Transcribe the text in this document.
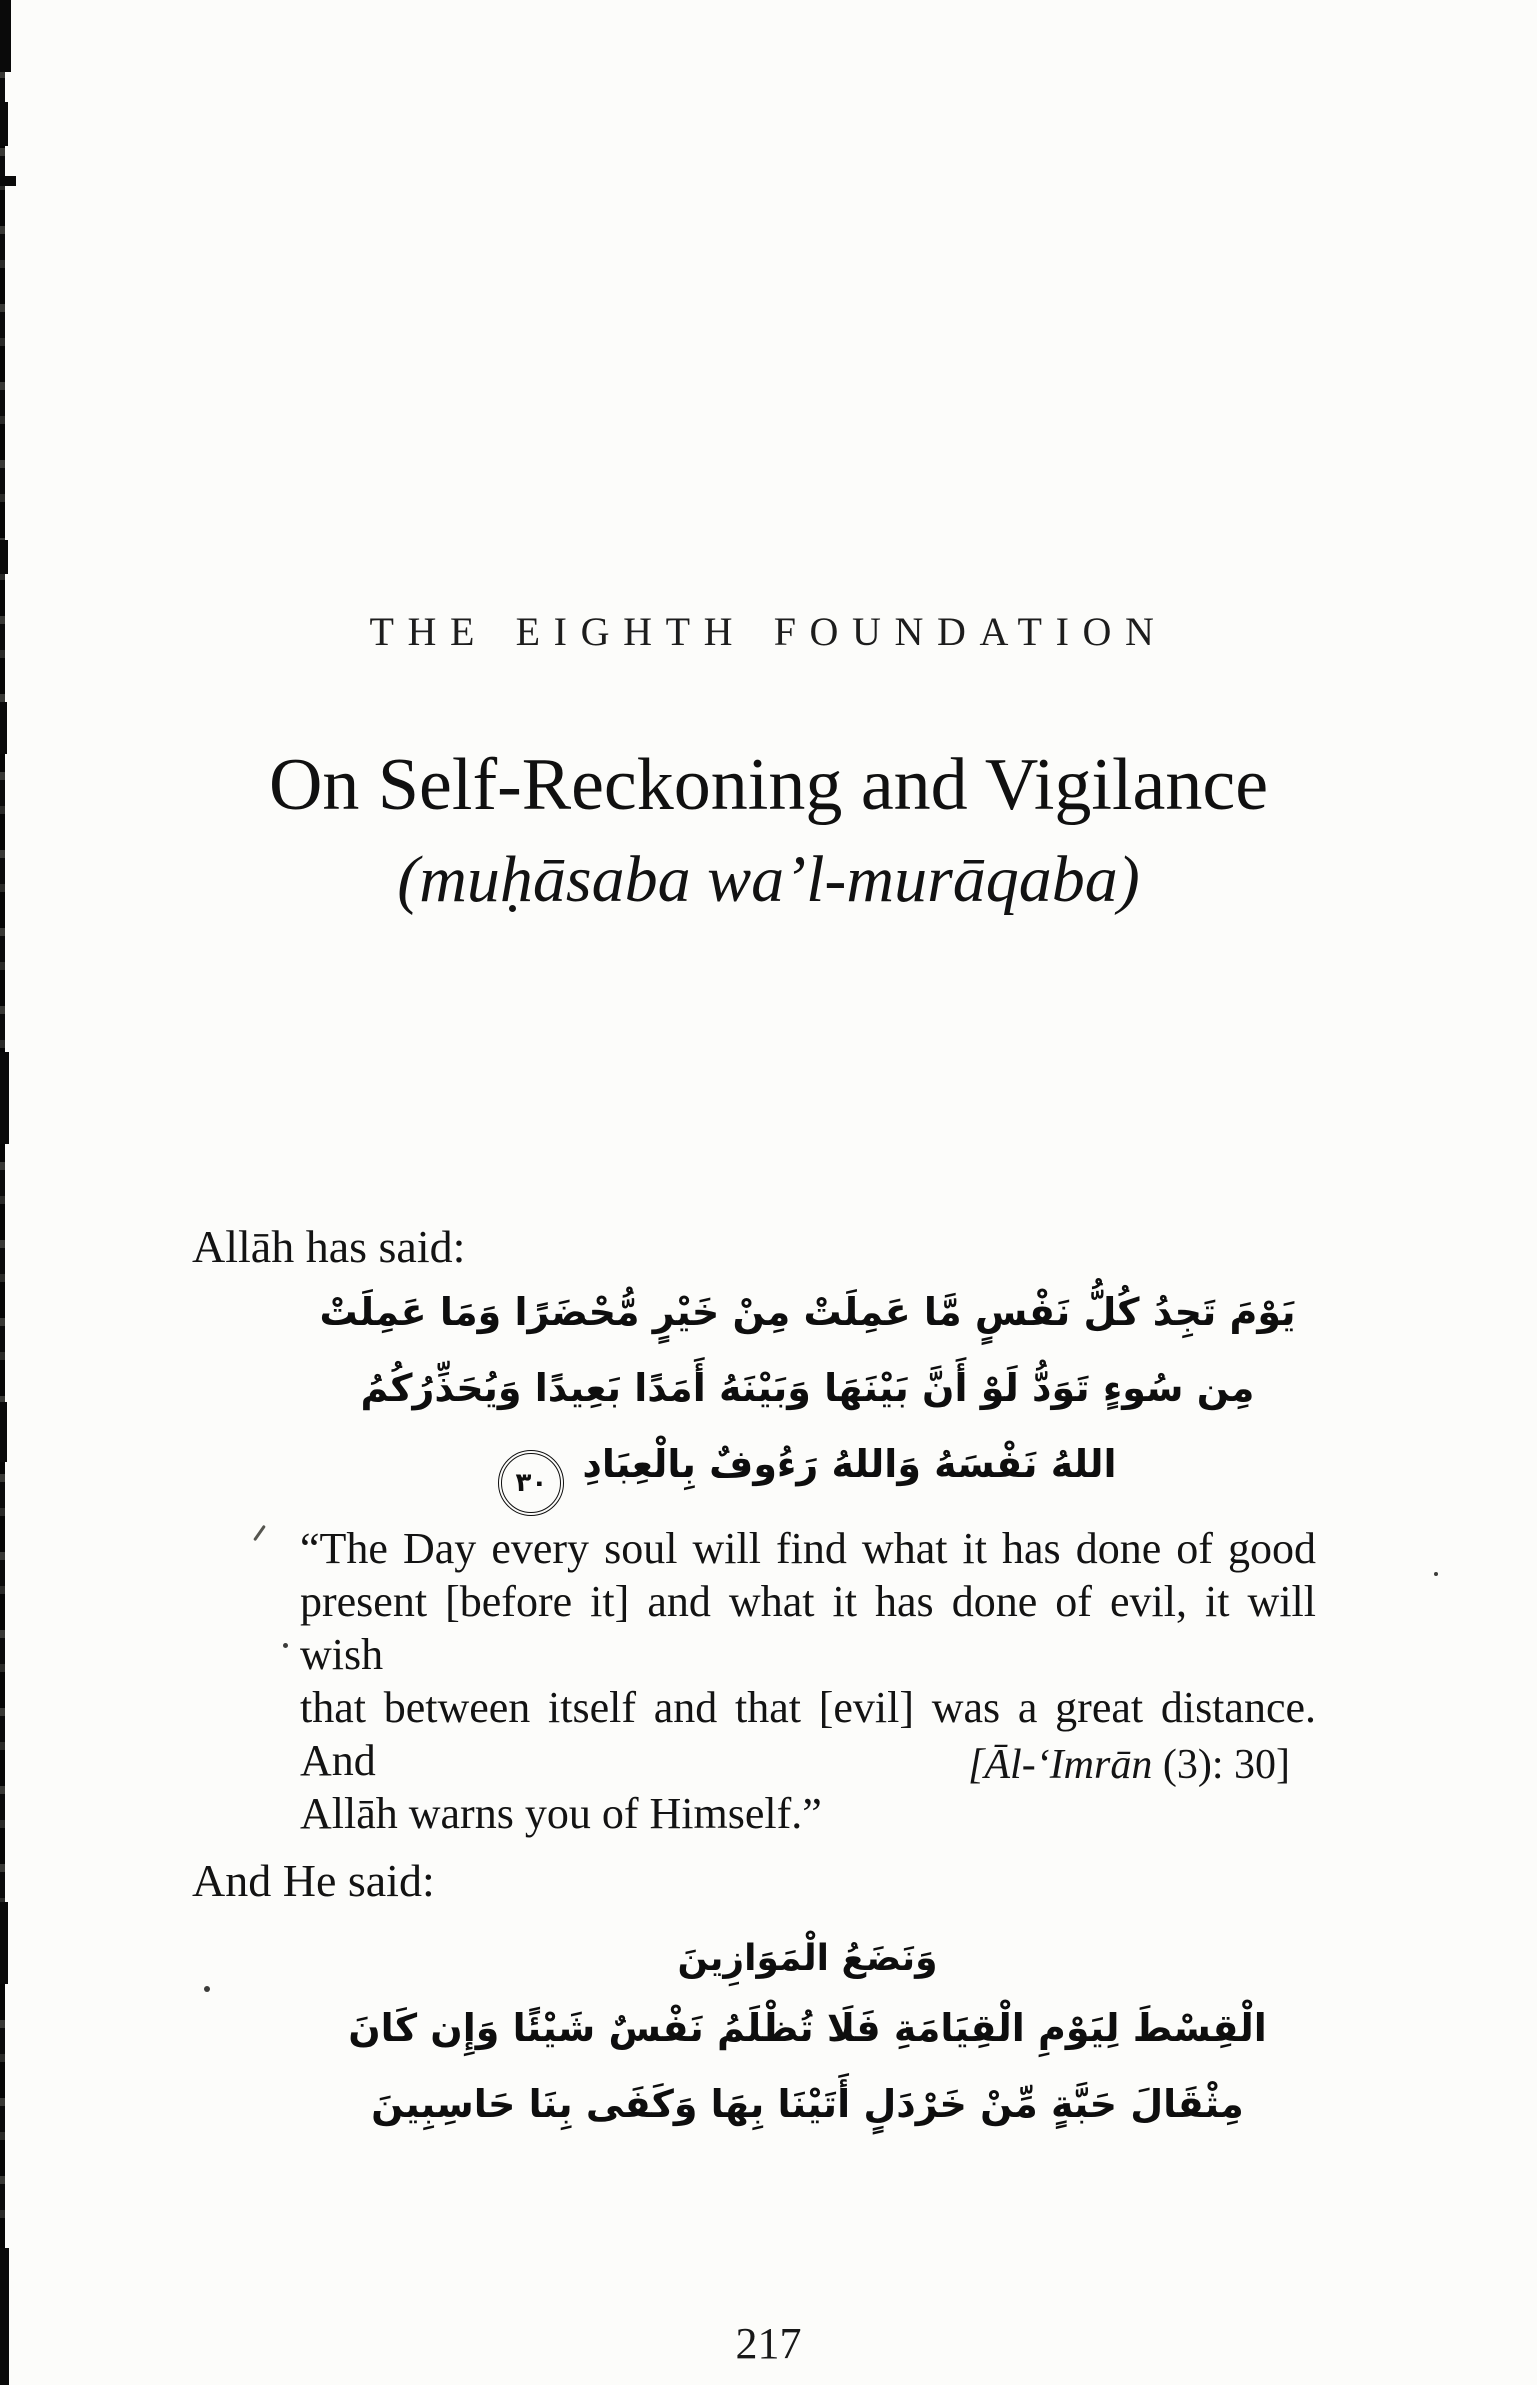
THE EIGHTH FOUNDATION
On Self-Reckoning and Vigilance
(muḥāsaba wa’l-murāqaba)
Allāh has said:
يَوْمَ تَجِدُ كُلُّ نَفْسٍ مَّا عَمِلَتْ مِنْ خَيْرٍ مُّحْضَرًا وَمَا عَمِلَتْ
مِن سُوءٍ تَوَدُّ لَوْ أَنَّ بَيْنَهَا وَبَيْنَهُ أَمَدًا بَعِيدًا وَيُحَذِّرُكُمُ
اللهُ نَفْسَهُ وَاللهُ رَءُوفٌ بِالْعِبَادِ
٣٠
“The Day every soul will find what it has done of good
present [before it] and what it has done of evil, it will wish
that between itself and that [evil] was a great distance. And
Allāh warns you of Himself.”
[Āl-‘Imrān (3): 30]
And He said:
وَنَضَعُ الْمَوَازِينَ
الْقِسْطَ لِيَوْمِ الْقِيَامَةِ فَلَا تُظْلَمُ نَفْسٌ شَيْئًا وَإِن كَانَ
مِثْقَالَ حَبَّةٍ مِّنْ خَرْدَلٍ أَتَيْنَا بِهَا وَكَفَى بِنَا حَاسِبِينَ
217
